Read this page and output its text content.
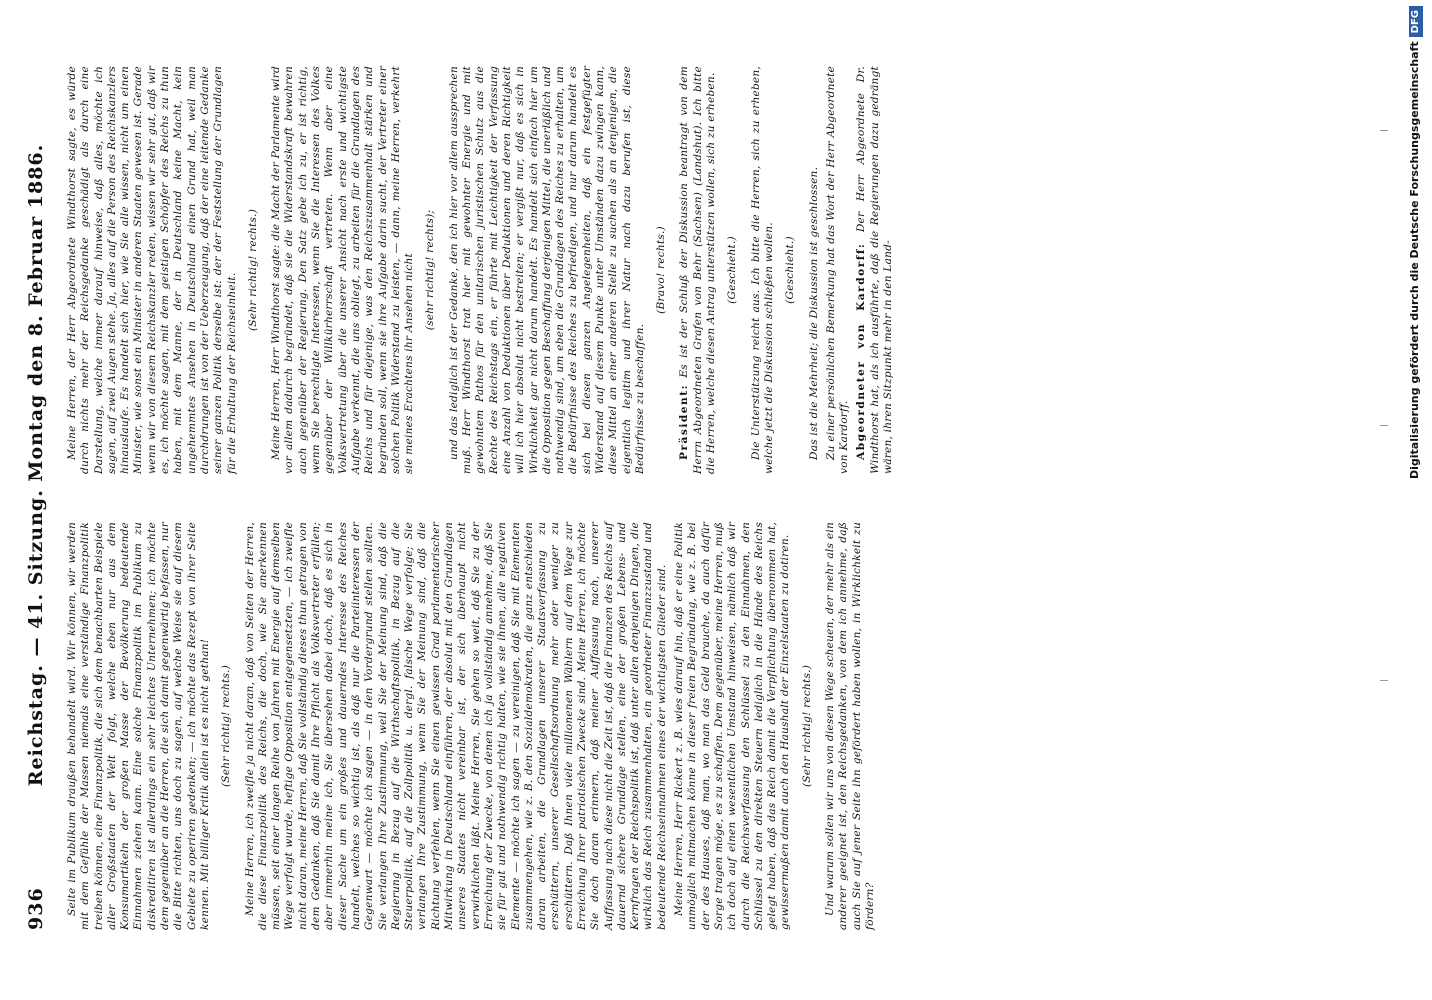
936
Reichstag. — 41. Sitzung. Montag den 8. Februar 1886. Seite im Publikum draußen behandelt wird. Wir können, wir werden mit dem Gefühle der Massen niemals eine verständige Finanzpolitik treiben können, eine Finanzpolitik, die sich dem benachbarten Beispiele aller Großstaaten der Welt folgt, welche eben nur aus dem Konsumartikeln der großen Masse der Bevölkerung bedeutende Einnahmen ziehen kann. Eine solche Finanzpolitik im Publikum zu diskreditiren ist allerdings ein sehr leichtes Unternehmen; ich möchte dem gegenüber an die Herren, die sich damit gegenwärtig befassen, nur die Bitte richten, uns doch zu sagen, auf welche Weise sie auf diesem Gebiete zu operiren gedenken; — ich möchte das Rezept von ihrer Seite kennen. Mit billiger Kritik allein ist es nicht gethan! (Sehr richtig! rechts.) Meine Herren, ich zweifle ja nicht daran, daß von Seiten der Herren, die diese Finanzpolitik des Reichs, die doch, wie Sie anerkennen müssen, seit einer langen Reihe von Jahren mit Energie auf demselben Wege verfolgt wurde, heftige Opposition entgegensetzten, — ich zweifle nicht daran, meine Herren, daß Sie vollständig dieses thun getragen von dem Gedanken, daß Sie damit Ihre Pflicht als Volksvertreter erfüllen; aber immerhin meine ich, Sie übersehen dabei doch, daß es sich in dieser Sache um ein großes und dauerndes Interesse des Reiches handelt, welches so wichtig ist, als daß nur die Parteiinteressen der Gegenwart — möchte ich sagen — in den Vordergrund stellen sollten. Sie verlangen Ihre Zustimmung, weil Sie der Meinung sind, daß die Regierung in Bezug auf die Wirthschaftspolitik, in Bezug auf die Steuerpolitik, auf die Zollpolitik u. dergl. falsche Wege verfolge; Sie verlangen Ihre Zustimmung, wenn Sie der Meinung sind, daß die Richtung verfehlen, wenn Sie einen gewissen Grad parlamentarischer Mitwirkung in Deutschland einführen, der absolut mit den Grundlagen unseres Staates nicht vereinbar ist, der sich überhaupt nicht verwirklichen läßt. Meine Herren, Sie gehen so weit, daß Sie zu der Erreichung der Zwecke, von denen ich ja vollständig annehme, daß Sie sie für gut und nothwendig richtig halten, wie sie ihnen, alle negativen Elemente — möchte ich sagen — zu vereinigen, daß Sie mit Elementen zusammengehen, wie z. B. den Sozialdemokraten, die ganz entschieden daran arbeiten, die Grundlagen unserer Staatsverfassung zu erschüttern, unserer Gesellschaftsordnung mehr oder weniger zu erschüttern. Daß Ihnen viele millionenen Wählern auf dem Wege zur Erreichung Ihrer patriotischen Zwecke sind. Meine Herren, ich möchte Sie doch daran erinnern, daß meiner Auffassung nach, unserer Auffassung nach diese nicht die Zeit ist, daß die Finanzen des Reichs auf dauernd sichere Grundlage stellen, eine der großen Lebens- und Kernfragen der Reichspolitik ist, daß unter allen denjenigen Dingen, die wirklich das Reich zusammenhalten, ein geordneter Finanzzustand und bedeutende Reichseinnahmen eines der wichtigsten Glieder sind. Meine Herren, Herr Rickert z. B. wies darauf hin, daß er eine Politik unmöglich mitmachen könne in dieser freien Begründung, wie z. B. bei der des Hauses, daß man, wo man das Geld brauche, da auch dafür Sorge tragen möge, es zu schaffen. Dem gegenüber, meine Herren, muß ich doch auf einen wesentlichen Umstand hinweisen, nämlich daß wir durch die Reichsverfassung den Schlüssel zu den Einnahmen, den Schlüssel zu den direkten Steuern lediglich in die Hände des Reichs gelegt haben, daß das Reich damit die Verpflichtung übernommen hat, gewissermaßen damit auch den Haushalt der Einzelstaaten zu dotiren. (Sehr richtig! rechts.) Und warum sollen wir uns von diesen Wege scheuen, der mehr als ein anderer geeignet ist, den Reichsgedanken, von dem ich annehme, daß auch Sie auf jener Seite ihn gefördert haben wollen, in Wirklichkeit zu fördern?

Meine Herren, der Herr Abgeordnete Windthorst sagte, es würde durch nichts mehr der Reichsgedanke geschädigt als durch eine Darstellung, welche immer darauf hinweise, daß alles, möchte ich sagen, auf zwei Augen stehe. Ja, alles auf die Person des Reichskanzlers hinauslaufe. Es handelt sich hier, wie Sie alle wissen, nicht um einen Minister, wie sonst ein Minister in anderen Staaten gewesen ist. Gerade wenn wir von diesem Reichskanzler reden, wissen wir sehr gut, daß wir es, ich möchte sagen, mit dem geistigen Schöpfer des Reichs zu thun haben, mit dem Manne, der in Deutschland keine Macht, kein ungehemmtes Ansehen in Deutschland einen Grund hat, weil man durchdrungen ist von der Ueberzeugung, daß der eine leitende Gedanke seiner ganzen Politik derselbe ist: der der Feststellung der Grundlagen für die Erhaltung der Reichseinheit.

(Sehr richtig! rechts.) Meine Herren, Herr Windthorst sagte: die Macht der Parlamente wird vor allem dadurch begründet, daß sie die Widerstandskraft bewahren auch gegenüber der Regierung. Den Satz gebe ich zu, er ist richtig, wenn Sie berechtigte Interessen, wenn Sie die Interessen des Volkes gegenüber der Willkürherrschaft vertreten. Wenn aber eine Volksvertretung über die unserer Ansicht nach erste und wichtigste Aufgabe verkennt, die uns obliegt, zu arbeiten für die Grundlagen des Reichs und für diejenige, was den Reichszusammenhalt stärken und begründen soll, wenn sie ihre Aufgabe darin sucht, der Vertreter einer solchen Politik Widerstand zu leisten, — dann, meine Herren, verkehrt sie meines Erachtens ihr Ansehen nicht (sehr richtig! rechts); und das lediglich ist der Gedanke, den ich hier vor allem aussprechen muß. Herr Windthorst trat hier mit gewohnter Energie und mit gewohntem Pathos für den unitarischen juristischen Schutz aus die Rechte des Reichstags ein, er führte mit Leichtigkeit der Verfassung eine Anzahl von Deduktionen über Deduktionen und deren Richtigkeit will ich hier absolut nicht bestreiten; er vergißt nur, daß es sich in Wirklichkeit gar nicht darum handelt. Es handelt sich einfach hier um die Opposition gegen Beschaffung derjenigen Mittel, die unerläßlich und nothwendig sind, um eben die Grundlagen des Reiches zu erhalten, um die Bedürfnisse des Reiches zu befriedigen, und nur darum handelt es sich bei diesen ganzen Angelegenheiten, daß ein festgefügter Widerstand auf diesem Punkte unter Umständen dazu zwingen kann, diese Mittel an einer anderen Stelle zu suchen als an denjenigen, die eigentlich legitim und ihrer Natur nach dazu berufen ist, diese Bedürfnisse zu beschaffen.

(Bravo! rechts.)

Präsident: Es ist der Schluß der Diskussion beantragt von dem Herrn Abgeordneten Grafen von Behr (Sachsen) (Landshut). Ich bitte die Herren, welche diesen Antrag unterstützen wollen, sich zu erheben. (Geschieht.) Die Unterstützung reicht aus. Ich bitte die Herren, sich zu erheben, welche jetzt die Diskussion schließen wollen. (Geschieht.) Das ist die Mehrheit; die Diskussion ist geschlossen. Zu einer persönlichen Bemerkung hat das Wort der Herr Abgeordnete von Kardorff. Abgeordneter von Kardorff: Der Herr Abgeordnete Dr. Windthorst hat, als ich ausführte, daß die Regierungen dazu gedrängt wären, ihren Sitzpunkt mehr in den Land-	Digitalisierung gefördert durch die Deutsche ForschungsgemeinschaftDFG
